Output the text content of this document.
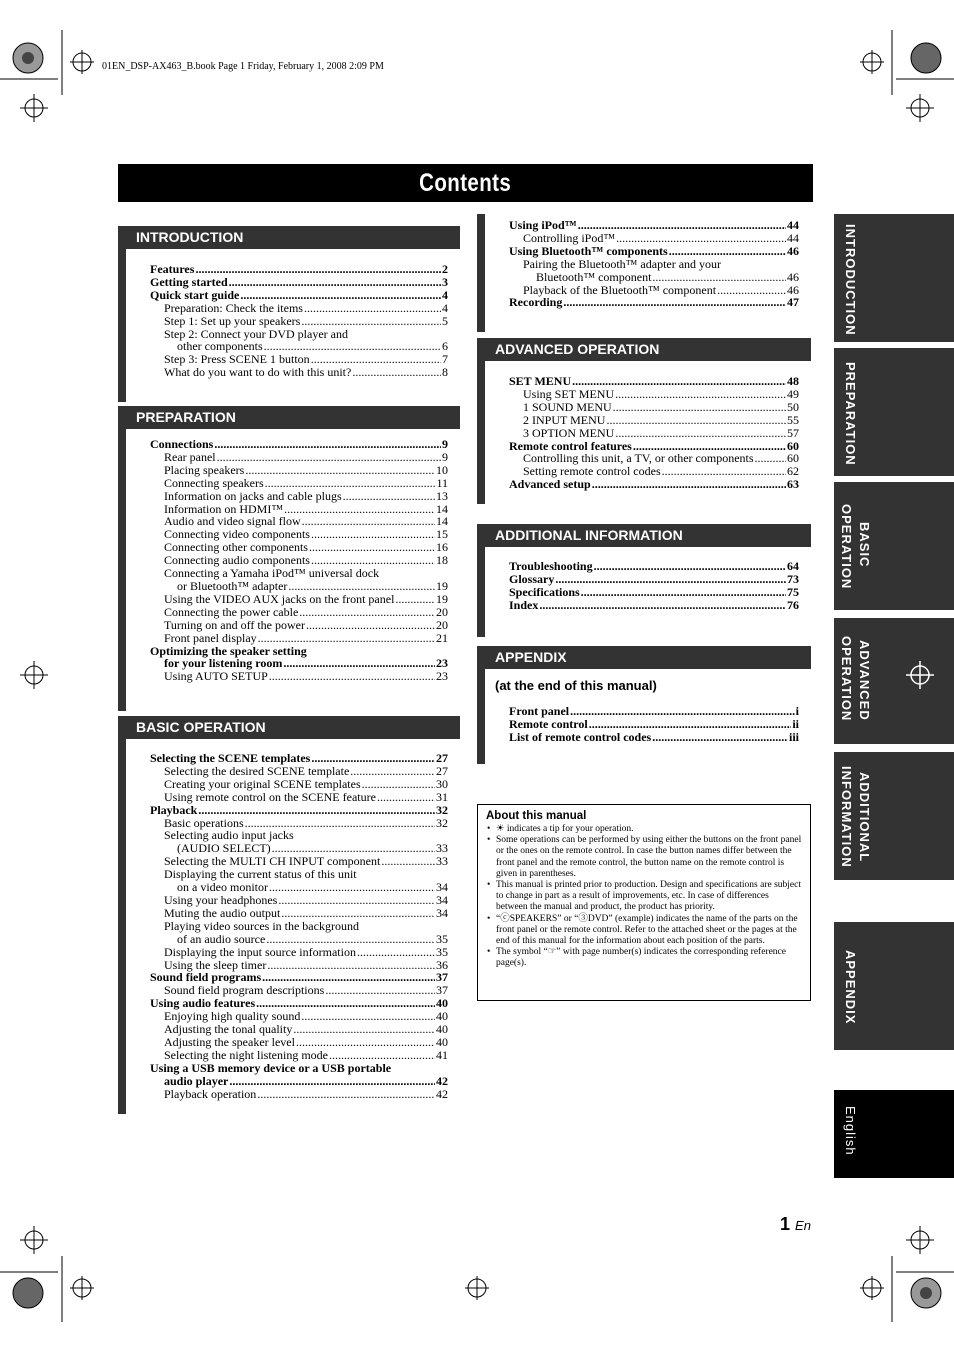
01EN_DSP-AX463_B.book Page 1 Friday, February 1, 2008 2:09 PM
Contents
INTRODUCTION
Features .....	2
Getting started .....	3
Quick start guide .....	4
Preparation: Check the items .....	4
Step 1: Set up your speakers .....	5
Step 2: Connect your DVD player and
other components .....	6
Step 3: Press SCENE 1 button .....	7
What do you want to do with this unit? .....	8
PREPARATION
Connections .....	9
Rear panel .....	9
Placing speakers .....	10
Connecting speakers .....	11
Information on jacks and cable plugs .....	13
Information on HDMI™ .....	14
Audio and video signal flow .....	14
Connecting video components .....	15
Connecting other components .....	16
Connecting audio components .....	18
Connecting a Yamaha iPod™ universal dock
or Bluetooth™ adapter .....	19
Using the VIDEO AUX jacks on the front panel .....	19
Connecting the power cable .....	20
Turning on and off the power .....	20
Front panel display .....	21
Optimizing the speaker setting
for your listening room .....	23
Using AUTO SETUP .....	23
BASIC OPERATION
Selecting the SCENE templates .....	27
Selecting the desired SCENE template .....	27
Creating your original SCENE templates .....	30
Using remote control on the SCENE feature .....	31
Playback .....	32
Basic operations .....	32
Selecting audio input jacks
(AUDIO SELECT) .....	33
Selecting the MULTI CH INPUT component .....	33
Displaying the current status of this unit
on a video monitor .....	34
Using your headphones .....	34
Muting the audio output .....	34
Playing video sources in the background
of an audio source .....	35
Displaying the input source information .....	35
Using the sleep timer .....	36
Sound field programs .....	37
Sound field program descriptions .....	37
Using audio features .....	40
Enjoying high quality sound .....	40
Adjusting the tonal quality .....	40
Adjusting the speaker level .....	40
Selecting the night listening mode .....	41
Using a USB memory device or a USB portable
audio player .....	42
Playback operation .....	42
Using iPod™ .....	44
Controlling iPod™ .....	44
Using Bluetooth™ components .....	46
Pairing the Bluetooth™ adapter and your
Bluetooth™ component .....	46
Playback of the Bluetooth™ component .....	46
Recording .....	47
ADVANCED OPERATION
SET MENU .....	48
Using SET MENU .....	49
1 SOUND MENU .....	50
2 INPUT MENU .....	55
3 OPTION MENU .....	57
Remote control features .....	60
Controlling this unit, a TV, or other components .....	60
Setting remote control codes .....	62
Advanced setup .....	63
ADDITIONAL INFORMATION
Troubleshooting .....	64
Glossary .....	73
Specifications .....	75
Index .....	76
APPENDIX
(at the end of this manual)
Front panel .....	i
Remote control .....	ii
List of remote control codes .....	iii
About this manual
• ☀ indicates a tip for your operation.
• Some operations can be performed by using either the buttons on the front panel or the ones on the remote control. In case the button names differ between the front panel and the remote control, the button name on the remote control is given in parentheses.
• This manual is printed prior to production. Design and specifications are subject to change in part as a result of improvements, etc. In case of differences between the manual and product, the product has priority.
• “ⓒSPEAKERS” or “③DVD” (example) indicates the name of the parts on the front panel or the remote control. Refer to the attached sheet or the pages at the end of this manual for the information about each position of the parts.
• The symbol “☞” with page number(s) indicates the corresponding reference page(s).
INTRODUCTION
PREPARATION
BASIC
OPERATION
ADVANCED
OPERATION
ADDITIONAL
INFORMATION
APPENDIX
English
1 En
